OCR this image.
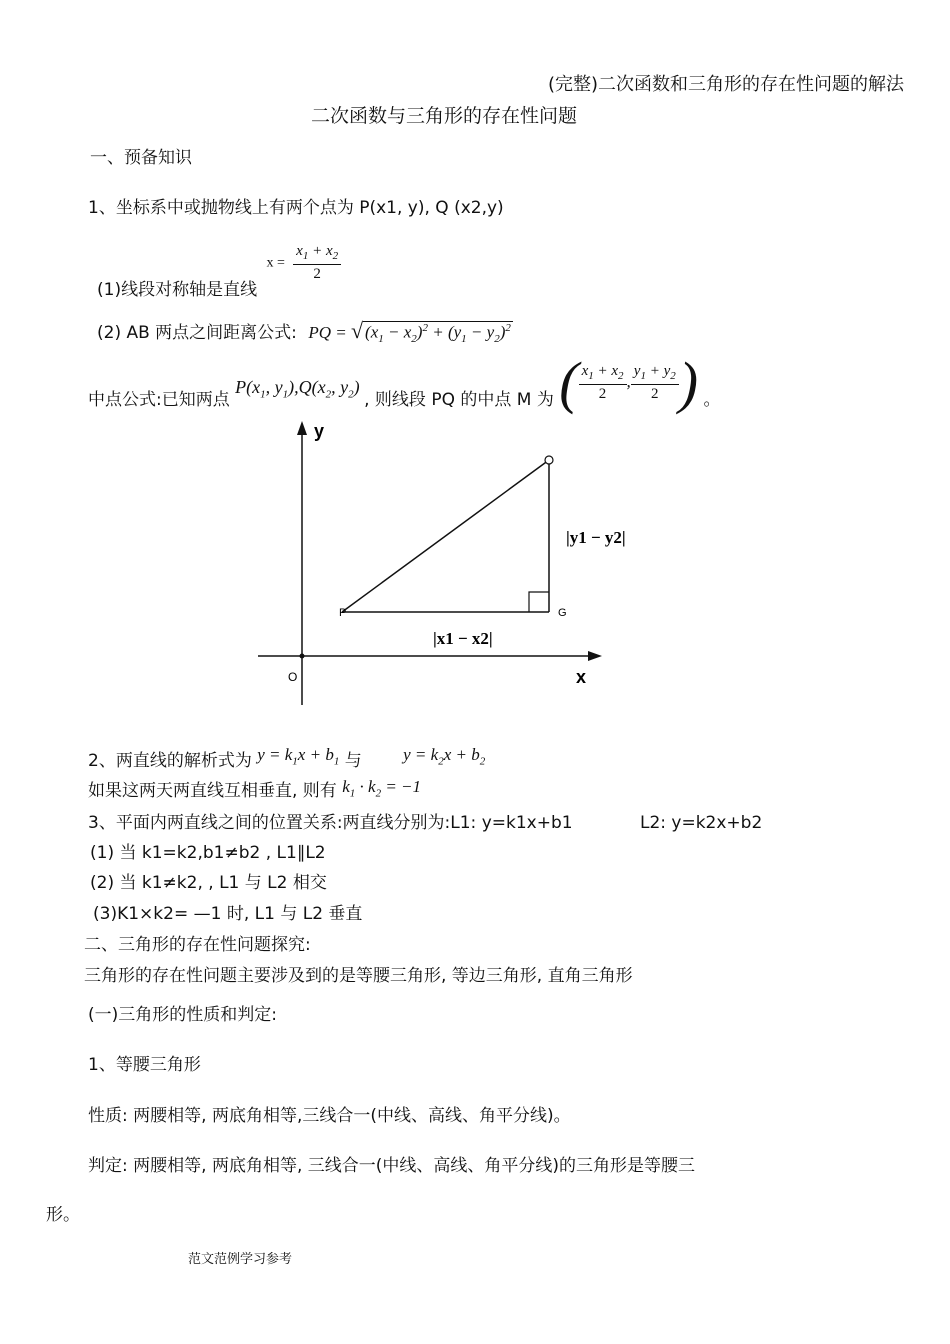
(完整)二次函数和三角形的存在性问题的解法
二次函数与三角形的存在性问题
一、预备知识
1、坐标系中或抛物线上有两个点为 P(x1, y), Q (x2,y)
(1)线段对称轴是直线 $x = \frac{x_1 + x_2}{2}$
(2) AB 两点之间距离公式: PQ = √ $(x_1 - x_2)^2 + (y_1 - y_2)^2$
中点公式:已知两点 $P(x_1$, $y_1),Q(x_2$, $y_2$) , 则线段 PQ 的中点 M 为 ( $\frac{x_1 + x_2}{2}$ , $\frac{y_1 + y_2}{2}$ ) 。
y
x
O
P	G
|y1 − y2|
|x1 − x2|
2、两直线的解析式为 $y = k_1x + b_1$ 与 $y = k_2x + b_2$
如果这两天两直线互相垂直, 则有 $k_1 \cdot k_2 = -1$
3、平面内两直线之间的位置关系:两直线分别为:L1: y=k1x+b1	L2: y=k2x+b2
(1) 当 k1=k2,b1≠b2 , L1∥L2
(2) 当 k1≠k2, , L1 与 L2 相交
(3)K1×k2= —1 时, L1 与 L2 垂直
二、三角形的存在性问题探究:
三角形的存在性问题主要涉及到的是等腰三角形, 等边三角形, 直角三角形
(一)三角形的性质和判定:
1、等腰三角形
性质: 两腰相等, 两底角相等,三线合一(中线、高线、角平分线)。
判定: 两腰相等, 两底角相等, 三线合一(中线、高线、角平分线)的三角形是等腰三
形。
范文范例学习参考
